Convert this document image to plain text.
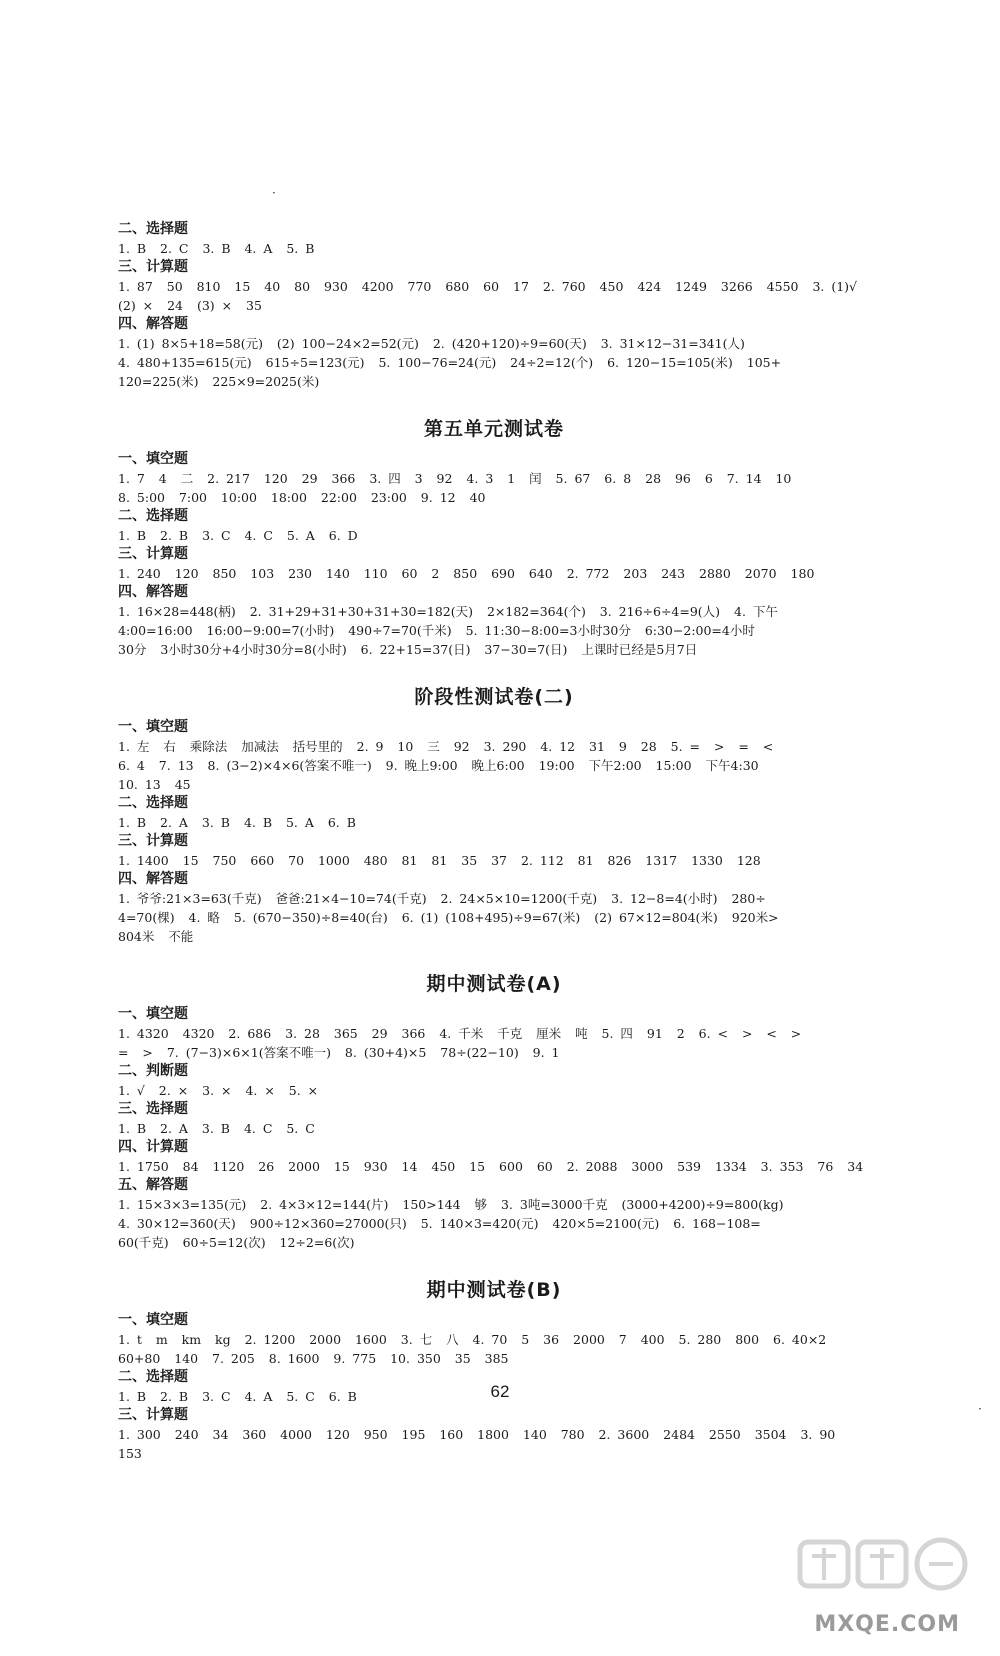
二、选择题

1. B  2. C  3. B  4. A  5. B

三、计算题

1. 87  50  810  15  40  80  930  4200  770  680  60  17  2. 760  450  424  1249  3266  4550  3. (1)√

(2) ×  24  (3) ×  35

四、解答题

1. (1) 8×5+18=58(元)  (2) 100−24×2=52(元)  2. (420+120)÷9=60(天)  3. 31×12−31=341(人)

4. 480+135=615(元)  615÷5=123(元)  5. 100−76=24(元)  24÷2=12(个)  6. 120−15=105(米)  105+

120=225(米)  225×9=2025(米)

第五单元测试卷

一、填空题

1. 7  4  二  2. 217  120  29  366  3. 四  3  92  4. 3  1  闰  5. 67  6. 8  28  96  6  7. 14  10

8. 5:00  7:00  10:00  18:00  22:00  23:00  9. 12  40

二、选择题

1. B  2. B  3. C  4. C  5. A  6. D

三、计算题

1. 240  120  850  103  230  140  110  60  2  850  690  640  2. 772  203  243  2880  2070  180

四、解答题

1. 16×28=448(柄)  2. 31+29+31+30+31+30=182(天)  2×182=364(个)  3. 216÷6÷4=9(人)  4. 下午

4:00=16:00  16:00−9:00=7(小时)  490÷7=70(千米)  5. 11:30−8:00=3小时30分  6:30−2:00=4小时

30分  3小时30分+4小时30分=8(小时)  6. 22+15=37(日)  37−30=7(日)  上课时已经是5月7日

阶段性测试卷(二)

一、填空题

1. 左  右  乘除法  加减法  括号里的  2. 9  10  三  92  3. 290  4. 12  31  9  28  5. =  >  =  <

6. 4  7. 13  8. (3−2)×4×6(答案不唯一)  9. 晚上9:00  晚上6:00  19:00  下午2:00  15:00  下午4:30

10. 13  45

二、选择题

1. B  2. A  3. B  4. B  5. A  6. B

三、计算题

1. 1400  15  750  660  70  1000  480  81  81  35  37  2. 112  81  826  1317  1330  128

四、解答题

1. 爷爷:21×3=63(千克)  爸爸:21×4−10=74(千克)  2. 24×5×10=1200(千克)  3. 12−8=4(小时)  280÷

4=70(棵)  4. 略  5. (670−350)÷8=40(台)  6. (1) (108+495)÷9=67(米)  (2) 67×12=804(米)  920米>

804米  不能

期中测试卷(A)

一、填空题

1. 4320  4320  2. 686  3. 28  365  29  366  4. 千米  千克  厘米  吨  5. 四  91  2  6. <  >  <  >

=  >  7. (7−3)×6×1(答案不唯一)  8. (30+4)×5  78÷(22−10)  9. 1

二、判断题

1. √  2. ×  3. ×  4. ×  5. ×

三、选择题

1. B  2. A  3. B  4. C  5. C

四、计算题

1. 1750  84  1120  26  2000  15  930  14  450  15  600  60  2. 2088  3000  539  1334  3. 353  76  34

五、解答题

1. 15×3×3=135(元)  2. 4×3×12=144(片)  150>144  够  3. 3吨=3000千克  (3000+4200)÷9=800(kg)

4. 30×12=360(天)  900÷12×360=27000(只)  5. 140×3=420(元)  420×5=2100(元)  6. 168−108=

60(千克)  60÷5=12(次)  12÷2=6(次)

期中测试卷(B)

一、填空题

1. t  m  km  kg  2. 1200  2000  1600  3. 七  八  4. 70  5  36  2000  7  400  5. 280  800  6. 40×2

60+80  140  7. 205  8. 1600  9. 775  10. 350  35  385

二、选择题

1. B  2. B  3. C  4. A  5. C  6. B

三、计算题

1. 300  240  34  360  4000  120  950  195  160  1800  140  780  2. 3600  2484  2550  3504  3. 90  153

·
·
62
MXQE.COM
